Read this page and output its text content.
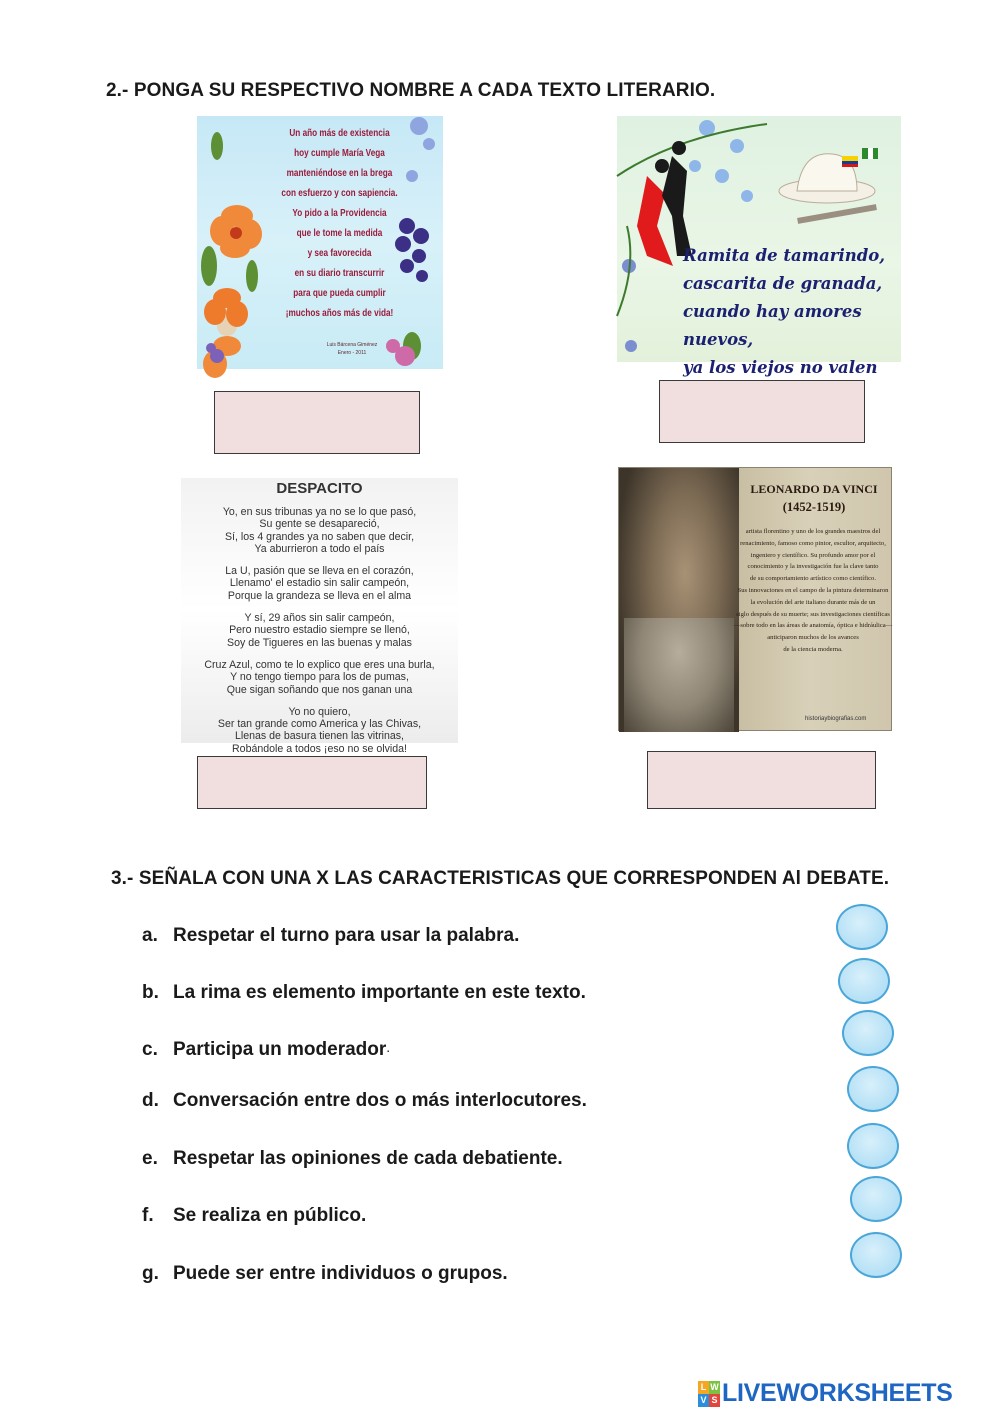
2.- PONGA SU RESPECTIVO NOMBRE A CADA TEXTO LITERARIO.
Un año más de existencia
hoy cumple María Vega
manteniéndose en la brega
con esfuerzo y con sapiencia.
Yo pido a la Providencia
que le tome la medida
y sea favorecida
en su diario transcurrir
para que pueda cumplir
¡muchos años más de vida!
Luis Bárcena Giménez
Enero - 2011
Ramita de tamarindo,
cascarita de granada,
cuando hay amores nuevos,
ya los viejos no valen
DESPACITO
Yo, en sus tribunas ya no se lo que pasó,
Su gente se desapareció,
Sí, los 4 grandes ya no saben que decir,
Ya aburrieron a todo el país
La U, pasión que se lleva en el corazón,
Llenamo' el estadio sin salir campeón,
Porque la grandeza se lleva en el alma
Y sí, 29 años sin salir campeón,
Pero nuestro estadio siempre se llenó,
Soy de Tigueres en las buenas y malas
Cruz Azul, como te lo explico que eres una burla,
Y no tengo tiempo para los de pumas,
Que sigan soñando que nos ganan una
Yo no quiero,
Ser tan grande como America y las Chivas,
Llenas de basura tienen las vitrinas,
Robándole a todos ¡eso no se olvida!
LEONARDO DA VINCI
(1452-1519)
artista florentino y uno de los grandes maestros del
renacimiento, famoso como pintor, escultor, arquitecto,
ingeniero y científico. Su profundo amor por el
conocimiento y la investigación fue la clave tanto
de su comportamiento artístico como científico.
Sus innovaciones en el campo de la pintura determinaron
la evolución del arte italiano durante más de un
siglo después de su muerte; sus investigaciones científicas
—sobre todo en las áreas de anatomía, óptica e hidráulica—
anticiparon muchos de los avances
de la ciencia moderna.
historiaybiografias.com
3.- SEÑALA CON UNA X LAS CARACTERISTICAS QUE CORRESPONDEN Al DEBATE.
a. Respetar el turno para usar la palabra.
b. La rima es elemento importante en este texto.
c. Participa un moderador .
d. Conversación entre dos o más interlocutores.
e. Respetar las opiniones de cada debatiente.
f.	Se realiza en público.
g. Puede ser entre individuos o grupos.
L W
V S LIVEWORKSHEETS
